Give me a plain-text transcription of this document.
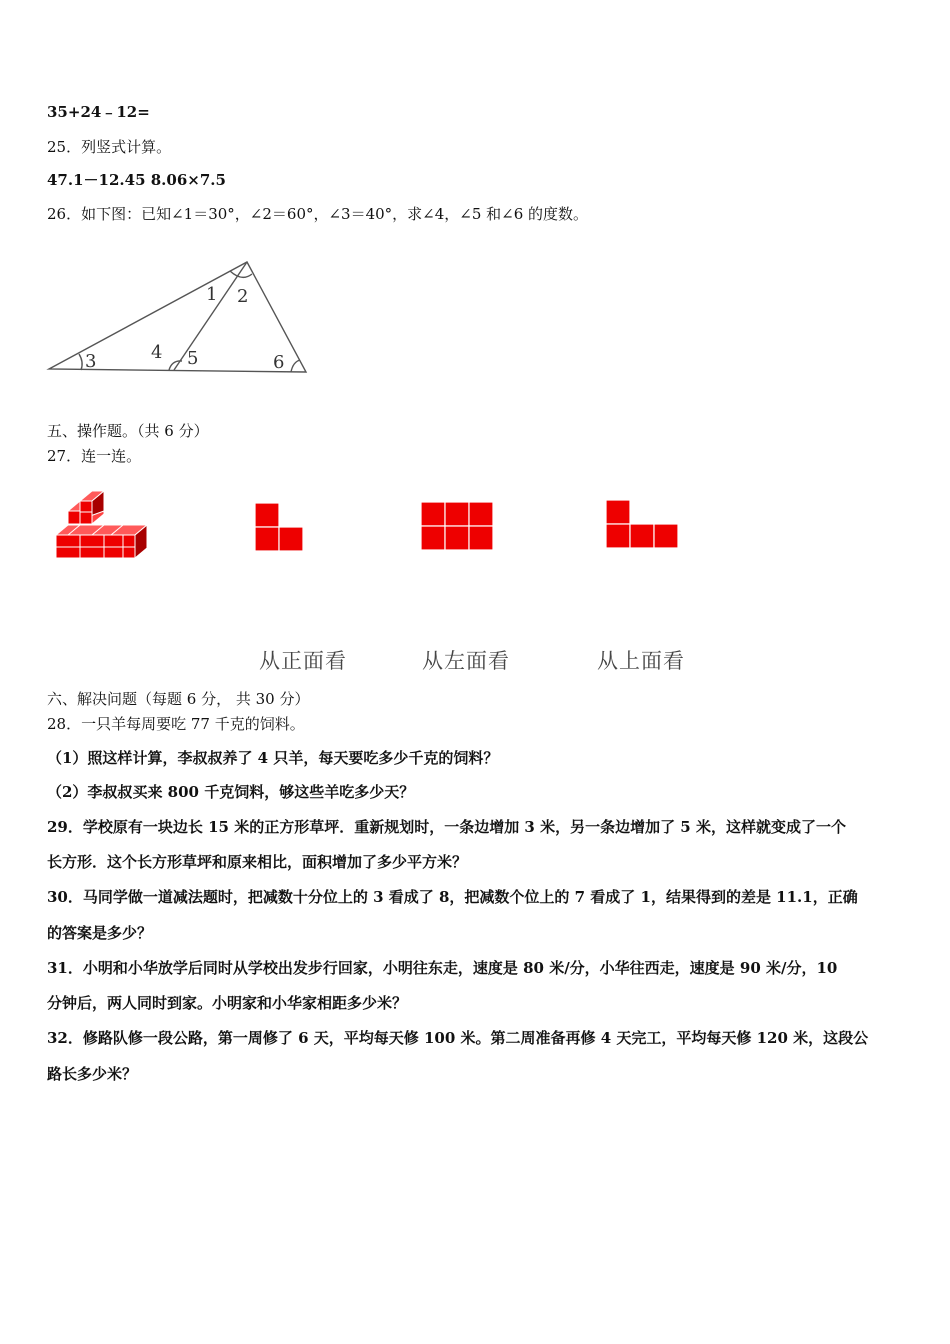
35+24﹣12=
25．列竖式计算。
47.1－12.45 8.06×7.5
26．如下图：已知∠1＝30°，∠2＝60°，∠3＝40°，求∠4，∠5 和∠6 的度数。
1 2
3	4 5	6
五、操作题。（共 6 分）
27．连一连。
从正面看	从左面看	从上面看
六、解决问题（每题 6 分， 共 30 分）
28．一只羊每周要吃 77 千克的饲料。
（1）照这样计算，李叔叔养了 4 只羊，每天要吃多少千克的饲料？
（2）李叔叔买来 800 千克饲料，够这些羊吃多少天？
29．学校原有一块边长 15 米的正方形草坪．重新规划时，一条边增加 3 米，另一条边增加了 5 米，这样就变成了一个
长方形．这个长方形草坪和原来相比，面积增加了多少平方米？
30．马同学做一道减法题时，把减数十分位上的 3 看成了 8，把减数个位上的 7 看成了 1，结果得到的差是 11.1，正确
的答案是多少？
31．小明和小华放学后同时从学校出发步行回家，小明往东走，速度是 80 米/分，小华往西走，速度是 90 米/分，10
分钟后，两人同时到家。小明家和小华家相距多少米？
32．修路队修一段公路，第一周修了 6 天，平均每天修 100 米。第二周准备再修 4 天完工，平均每天修 120 米，这段公
路长多少米？
